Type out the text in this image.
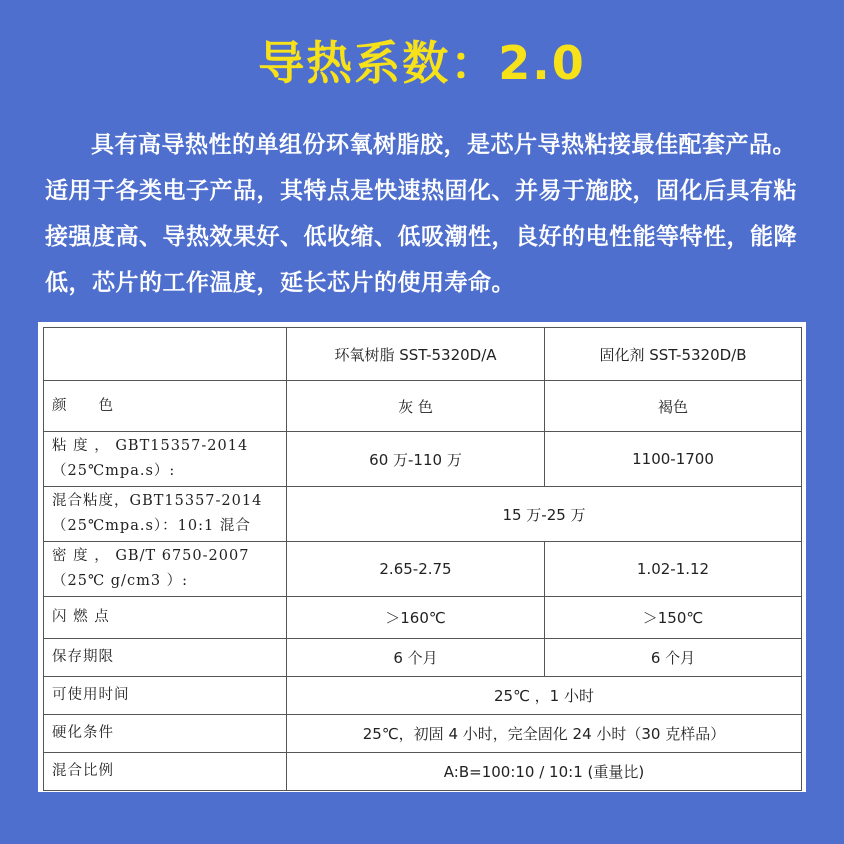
导热系数：2.0

具有高导热性的单组份环氧树脂胶，是芯片导热粘接最佳配套产品。适用于各类电子产品，其特点是快速热固化、并易于施胶，固化后具有粘接强度高、导热效果好、低收缩、低吸潮性，良好的电性能等特性，能降低，芯片的工作温度，延长芯片的使用寿命。

	环氧树脂 SST-5320D/A	固化剂 SST-5320D/B
颜　　色	灰 色	褐色

粘 度 ， GBT15357-2014
（25℃mpa.s）:	60 万-110 万	1100-1700

混合粘度，GBT15357-2014
（25℃mpa.s）：10:1 混合	15 万-25 万	

密 度 ， GB/T 6750-2007
（25℃ g/cm3 ）:	2.65-2.75	1.02-1.12
闪 燃 点	＞160℃	＞150℃
保存期限	6 个月	6 个月
可使用时间	25℃ ，1 小时	
硬化条件	25℃，初固 4 小时，完全固化 24 小时（30 克样品）	
混合比例	A:B=100:10 / 10:1 (重量比)	
